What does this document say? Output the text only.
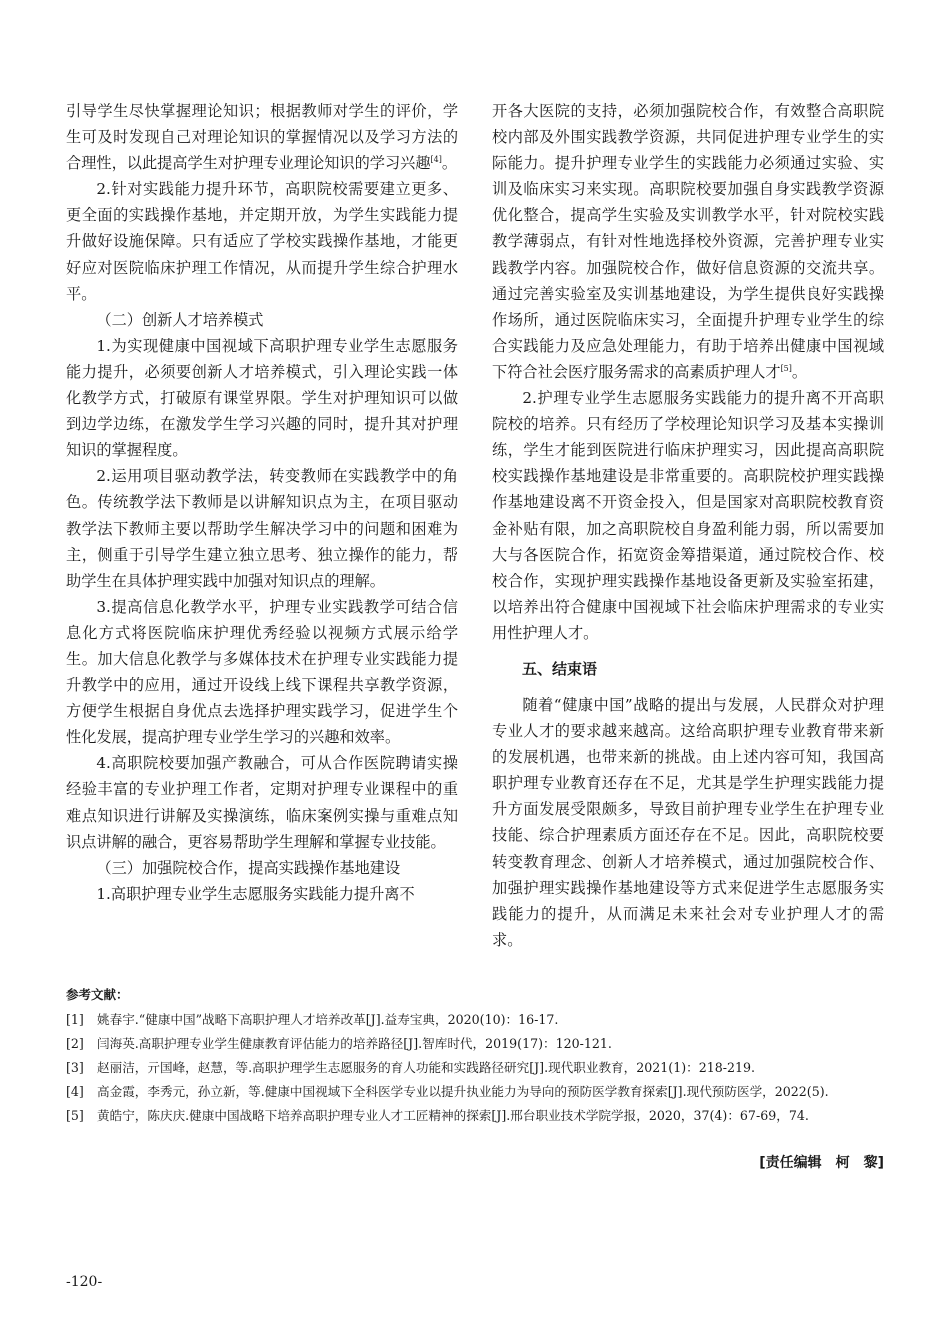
引导学生尽快掌握理论知识；根据教师对学生的评价，学生可及时发现自己对理论知识的掌握情况以及学习方法的合理性，以此提高学生对护理专业理论知识的学习兴趣[4]。

2.针对实践能力提升环节，高职院校需要建立更多、更全面的实践操作基地，并定期开放，为学生实践能力提升做好设施保障。只有适应了学校实践操作基地，才能更好应对医院临床护理工作情况，从而提升学生综合护理水平。

（二）创新人才培养模式

1.为实现健康中国视域下高职护理专业学生志愿服务能力提升，必须要创新人才培养模式，引入理论实践一体化教学方式，打破原有课堂界限。学生对护理知识可以做到边学边练，在激发学生学习兴趣的同时，提升其对护理知识的掌握程度。

2.运用项目驱动教学法，转变教师在实践教学中的角色。传统教学法下教师是以讲解知识点为主，在项目驱动教学法下教师主要以帮助学生解决学习中的问题和困难为主，侧重于引导学生建立独立思考、独立操作的能力，帮助学生在具体护理实践中加强对知识点的理解。

3.提高信息化教学水平，护理专业实践教学可结合信息化方式将医院临床护理优秀经验以视频方式展示给学生。加大信息化教学与多媒体技术在护理专业实践能力提升教学中的应用，通过开设线上线下课程共享教学资源，方便学生根据自身优点去选择护理实践学习，促进学生个性化发展，提高护理专业学生学习的兴趣和效率。

4.高职院校要加强产教融合，可从合作医院聘请实操经验丰富的专业护理工作者，定期对护理专业课程中的重难点知识进行讲解及实操演练，临床案例实操与重难点知识点讲解的融合，更容易帮助学生理解和掌握专业技能。

（三）加强院校合作，提高实践操作基地建设

1.高职护理专业学生志愿服务实践能力提升离不

开各大医院的支持，必须加强院校合作，有效整合高职院校内部及外围实践教学资源，共同促进护理专业学生的实际能力。提升护理专业学生的实践能力必须通过实验、实训及临床实习来实现。高职院校要加强自身实践教学资源优化整合，提高学生实验及实训教学水平，针对院校实践教学薄弱点，有针对性地选择校外资源，完善护理专业实践教学内容。加强院校合作，做好信息资源的交流共享。通过完善实验室及实训基地建设，为学生提供良好实践操作场所，通过医院临床实习，全面提升护理专业学生的综合实践能力及应急处理能力，有助于培养出健康中国视域下符合社会医疗服务需求的高素质护理人才[5]。

2.护理专业学生志愿服务实践能力的提升离不开高职院校的培养。只有经历了学校理论知识学习及基本实操训练，学生才能到医院进行临床护理实习，因此提高高职院校实践操作基地建设是非常重要的。高职院校护理实践操作基地建设离不开资金投入，但是国家对高职院校教育资金补贴有限，加之高职院校自身盈利能力弱，所以需要加大与各医院合作，拓宽资金筹措渠道，通过院校合作、校校合作，实现护理实践操作基地设备更新及实验室拓建，以培养出符合健康中国视域下社会临床护理需求的专业实用性护理人才。

五、结束语

随着“健康中国”战略的提出与发展，人民群众对护理专业人才的要求越来越高。这给高职护理专业教育带来新的发展机遇，也带来新的挑战。由上述内容可知，我国高职护理专业教育还存在不足，尤其是学生护理实践能力提升方面发展受限颇多，导致目前护理专业学生在护理专业技能、综合护理素质方面还存在不足。因此，高职院校要转变教育理念、创新人才培养模式，通过加强院校合作、加强护理实践操作基地建设等方式来促进学生志愿服务实践能力的提升，从而满足未来社会对专业护理人才的需求。

参考文献：
[1]	姚春宇.“健康中国”战略下高职护理人才培养改革[J].益寿宝典，2020(10)：16-17.
[2]	闫海英.高职护理专业学生健康教育评估能力的培养路径[J].智库时代，2019(17)：120-121.
[3]	赵丽洁，亓国峰，赵慧，等.高职护理学生志愿服务的育人功能和实践路径研究[J].现代职业教育，2021(1)：218-219.
[4]	高金霞，李秀元，孙立新，等.健康中国视域下全科医学专业以提升执业能力为导向的预防医学教育探索[J].现代预防医学，2022(5).
[5]	黄皓宁，陈庆庆.健康中国战略下培养高职护理专业人才工匠精神的探索[J].邢台职业技术学院学报，2020，37(4)：67-69，74.
[责任编辑　柯　黎]
-120-
